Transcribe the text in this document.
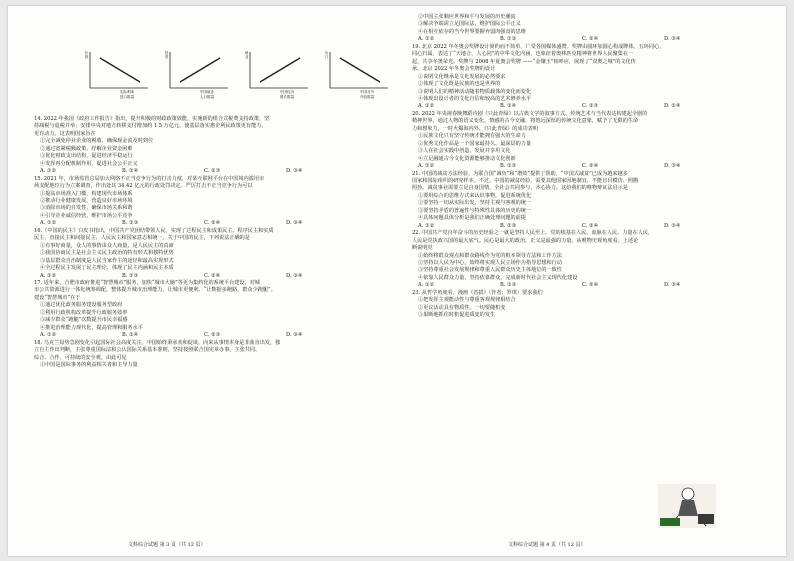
价格
实际利率
进口数量
投资
中国就业
人口数量
就业
中国经济
增长数量
出口
中国对外
开放数量
14. 2022 年我国《政府工作报告》指出，提升积极的财政政策效能，实施新的组合式税费支持政策，坚
持减税与退税并举；安排中央对地方转移支付增加约 1.5 万亿元，使基层落实惠企利民政策更有能力、
更有动力。这表明国家旨在
①完全减免停业企业的税收，确保现金流及时到位
②通过宽紧税额政策，纾解企业资金困难
③优化财政支出结构，促进经济平稳运行
④发挥再分配机制作用，促进社会公平正义
A. ①②	B. ①④	C. ②③	D. ③④
15. 2021 年，市场监管总局加大网络不正当竞争行为的打击力度，对某互联网平台在中国境内滥用市
场支配地位行为立案调查，作出处其 34.42 亿元的行政处罚决定。严厉打击不正当竞争行为可以
①提高市场准入门槛，构建现代市场体系
②推动行业健康发展，营造良好市场环境
③消除市场的自发性，确保市场关系和谐
④引导企业诚信经营，维护市场公平竞争
A. ①②	B. ①③	C. ②④	D. ③④
16.《中国的民主》白皮书指出，中国共产党团结带领人民，实现了过程民主和成果民主、程序民主和实质
民主、直接民主和间接民主、人民民主和国家意志相统一。关于中国的民主，下列说法正确的是
①有事好商量，众人的事情由众人商量，是人民民主的真谛
②我国协商民主是社会主义民主政治的特有形式和独特优势
③基层群众自治制度是人民当家作主的途径和最高实现形式
④全过程民主发展了民主理论，体现了民主内涵和民主本质
A. ①②	B. ①③	C. ②④	D. ③④
17. 近年来，合肥市政府推进“智慧城市”服务，加快“城市大脑”等更为集约化的系统平台建设，对城
市公共资源进行一体化统筹调配，整体提升城市治理能力，让城市更便利、“让数据多跑路，群众少跑腿”。
建设“智慧城市”在于
①通过优化政务服务建设服务型政府
②利用行政机构改革提升行政服务效率
③减少群众“跑腿”次数提升市民幸福感
④推进治理能力现代化，提高管理和服务水平
A. ①②	B. ①④	C. ②③	D. ③④
18. 乌克兰局势急剧变化引起国际社会高度关注。中国始终秉承劝和促谈、向来从事情本身是非曲直出发，独
立自主作出判断，主张尊重国际法和公认国际关系基本准则，坚持按照联合国宪章办事，主张共同、
综合、合作、可持续的安全观。由此可见
①中国是国际事务的利益相关者和主导力量
②中国主张顺应世界和平与发展的历史潮流
③解决争端需立足国际法，维护国际公平正义
④在相互依存的当今世界要摒弃弱肉强食的思维
A. ①②	B. ①③	C. ②④	D. ③④
19. 北京 2022 年冬奥会奖牌设计简约而不简单，广受各国媒体盛赞。奖牌由圆环加圆心构成牌体，五环同心，
同心归属，表达了“天地合，人心同”的中华文化内涵，也象征着奥林匹克精神将世界人民聚集在一
起，共享冬奥荣光。奖牌与 2008 年夏奥会奖牌 ——“金镶玉”相呼应，展现了“双奥之城”的文化传
承。北京 2022 年冬奥会奖牌的设计
①说明文化继承是文化发展的必然要求
②体现了文化既是民族的也是世界的
③说明人们的精神活动随着物质载体的变化而变化
④体现出设计者的文化自信和较高的艺术修养水平
A. ①②	B. ①④	C. ②③	D. ②④
20. 2022 年央视春晚舞蹈诗剧《只此青绿》以古典文学的叙事方式、传统艺术与当代表达构建起全剧的
精神世界，通过人物的语义变化、情感的古今交融，将悠远深厚的传统文化意象，赋予了无限的生命
力和想象力，一时火爆海内外。《只此青绿》的成功表明
①民族文化只有坚守传统才能拥有强大的生命力
②优秀文化作品是一个国家最持久、最深层的力量
③人在社会实践中创造、发展并享用文化
④立足融通古今文化资源能够推动文化创新
A. ①②	B. ①③	C. ②④	D. ③④
21. 中国的减贫方法经验，为联合国“减负”和“增效”提供了帮助，“中国式减贫”已成为越来越多
国家和国际组织的研究样本。不过，中国的减贫经验，需要其他国家因地制宜，不能盲目模仿、照搬
照抄。减贫事业需要立足自身国情，全社会共同参与、齐心协力。这给我们的唯物辩证法启示是
①要用综合的思维方式来认识事物，促进系统优化
②要坚持一切从实际出发，坚持主观与客观的统一
③要坚持矛盾的普遍性与特殊性具体的历史的统一
④具体问题具体分析是我们正确处理问题的前提
A. ①②	B. ①③	C. ②④	D. ③④
22. 中国共产党百年奋斗的历史经验之一就是坚持人民至上。党的根基在人民、血脉在人民、力量在人民，
人民是党执政兴国的最大底气。民心是最大的政治，正义是最强的力量。从唯物史观角度看，上述论
断说明党
①始终将群众观点和群众路线作为党的根本领导方法和工作方法
②坚持以人民为中心，始终将实现人民立场作为指导思想和行动
③坚持尊重社会发展规律和尊重人民群众历史主体地位的一致性
④依靠人民群众力量，坚持依靠群众，完成新时代社会主义现代化建设
A. ①②	B. ①③	C. ②④	D. ③④
23. 从哲学角度看，漫画《省拔》（作者：罗琪）要求我们
①把发挥主观能动性与尊重客观规律相结合
②更议活动具有物质性，一切要随机变
③果断地抓住时机促进质变的发生
文科综合试题 第 3 页（共 12 页）	文科综合试题 第 4 页（共 12 页）
